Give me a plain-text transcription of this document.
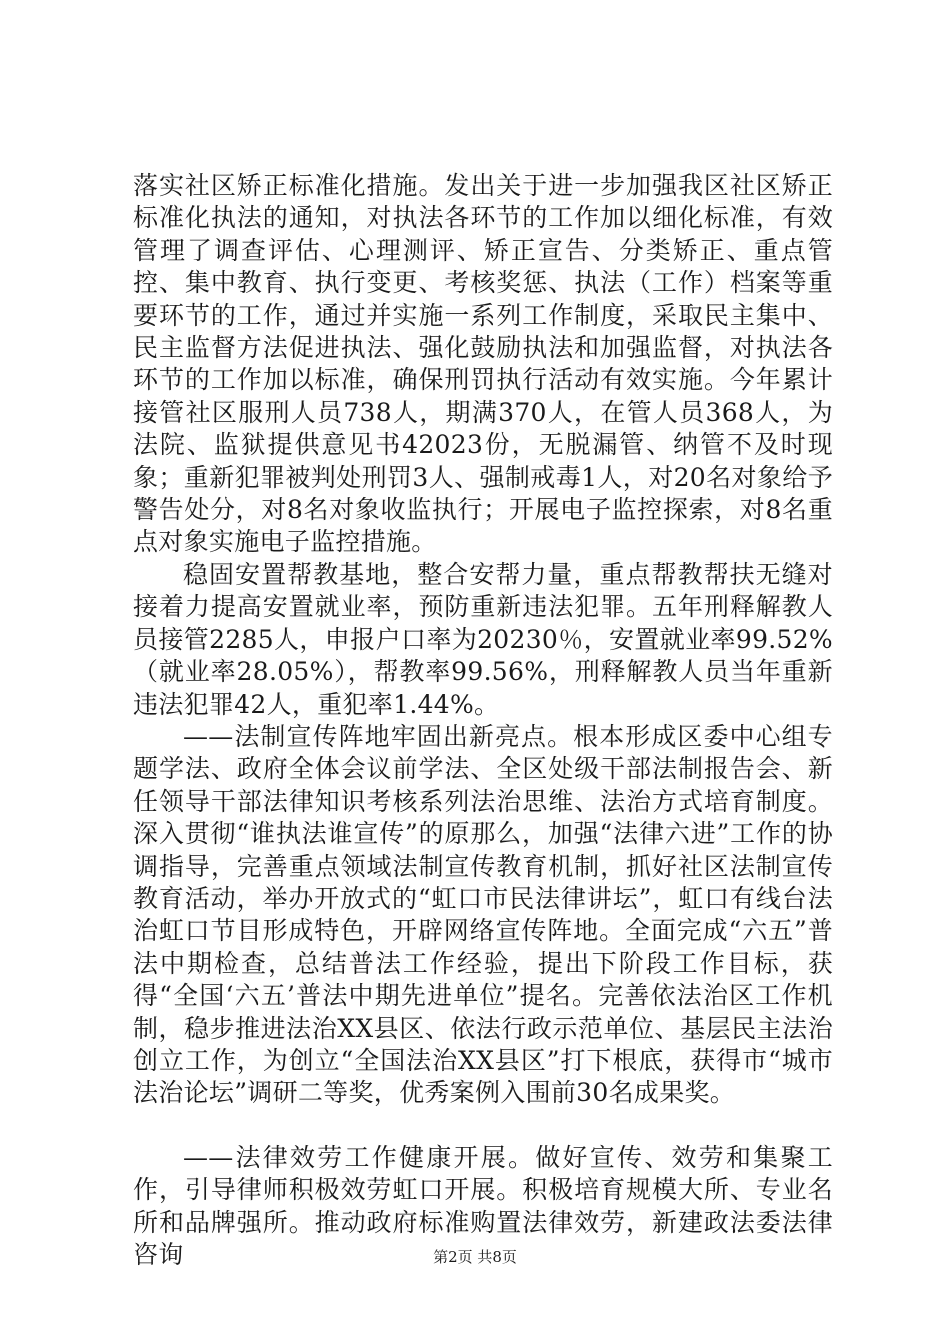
落实社区矫正标准化措施。发出关于进一步加强我区社区矫正标准化执法的通知，对执法各环节的工作加以细化标准，有效管理了调查评估、心理测评、矫正宣告、分类矫正、重点管控、集中教育、执行变更、考核奖惩、执法（工作）档案等重要环节的工作，通过并实施一系列工作制度，采取民主集中、民主监督方法促进执法、强化鼓励执法和加强监督，对执法各环节的工作加以标准，确保刑罚执行活动有效实施。今年累计接管社区服刑人员738人，期满370人，在管人员368人，为法院、监狱提供意见书42023份，无脱漏管、纳管不及时现象；重新犯罪被判处刑罚3人、强制戒毒1人，对20名对象给予警告处分，对8名对象收监执行；开展电子监控探索，对8名重点对象实施电子监控措施。

稳固安置帮教基地，整合安帮力量，重点帮教帮扶无缝对接着力提高安置就业率，预防重新违法犯罪。五年刑释解教人员接管2285人，申报户口率为20230％，安置就业率99.52%（就业率28.05%），帮教率99.56%，刑释解教人员当年重新违法犯罪42人，重犯率1.44%。

——法制宣传阵地牢固出新亮点。根本形成区委中心组专题学法、政府全体会议前学法、全区处级干部法制报告会、新任领导干部法律知识考核系列法治思维、法治方式培育制度。深入贯彻“谁执法谁宣传”的原那么，加强“法律六进”工作的协调指导，完善重点领域法制宣传教育机制，抓好社区法制宣传教育活动，举办开放式的“虹口市民法律讲坛”，虹口有线台法治虹口节目形成特色，开辟网络宣传阵地。全面完成“六五”普法中期检查，总结普法工作经验，提出下阶段工作目标，获得“全国‘六五’普法中期先进单位”提名。完善依法治区工作机制，稳步推进法治XX县区、依法行政示范单位、基层民主法治创立工作，为创立“全国法治XX县区”打下根底，获得市“城市法治论坛”调研二等奖，优秀案例入围前30名成果奖。

——法律效劳工作健康开展。做好宣传、效劳和集聚工作，引导律师积极效劳虹口开展。积极培育规模大所、专业名所和品牌强所。推动政府标准购置法律效劳，新建政法委法律咨询	第2页 共8页
